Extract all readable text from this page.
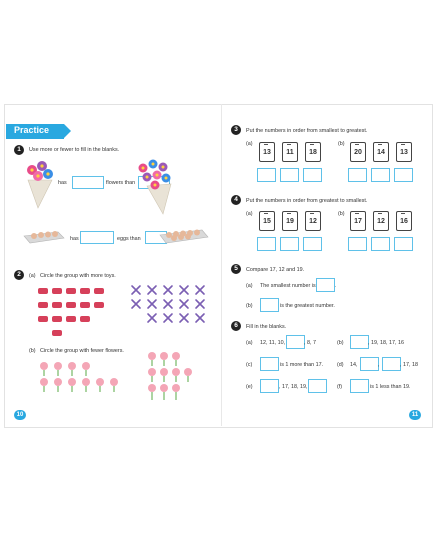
Practice
1	Use more or fewer to fill in the blanks.
has	flowers than	.
has	eggs than
2	(a) Circle the group with more toys.
(b) Circle the group with fewer flowers.
10
3	Put the numbers in order from smallest to greatest.
(a)
13	11	18
(b)
20	14	13
4	Put the numbers in order from greatest to smallest.
(a)
15	19	12
(b)
17	12	16
5	Compare 17, 12 and 19.
(a) The smallest number is	.
(b)	is the greatest number.
6	Fill in the blanks.
(a) 12, 11, 10,	, 8, 7	(b)	, 19, 18, 17, 16
(c)	is 1 more than 17.	(d) 14,	,	, 17, 18
(e)	, 17, 18, 19,	(f)	is 1 less than 19.
11
